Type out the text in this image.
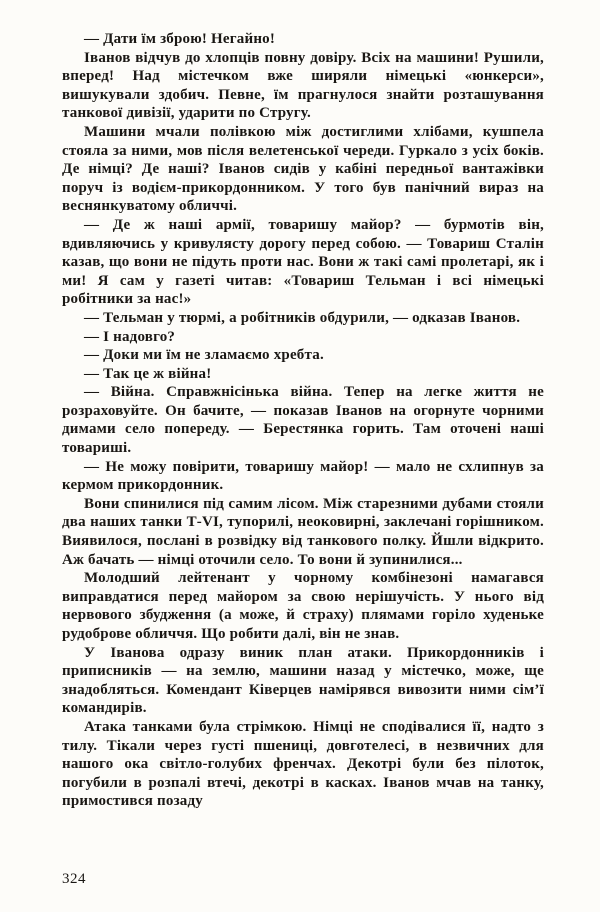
— Дати їм зброю! Негайно!

Іванов відчув до хлопців повну довіру. Всіх на машини! Рушили, вперед! Над містечком вже ширяли німецькі «юнкерси», вишукували здобич. Певне, їм прагнулося знайти розташування танкової дивізії, ударити по Стругу.

Машини мчали полівкою між достиглими хлібами, кушпела стояла за ними, мов після велетенської череди. Гуркало з усіх боків. Де німці? Де наші? Іванов сидів у кабіні передньої вантажівки поруч із водієм-прикордонником. У того був панічний вираз на веснянкуватому обличчі.

— Де ж наші армії, товаришу майор? — бурмотів він, вдивляючись у кривулясту дорогу перед собою. — Товариш Сталін казав, що вони не підуть проти нас. Вони ж такі самі пролетарі, як і ми! Я сам у газеті читав: «Товариш Тельман і всі німецькі робітники за нас!»

— Тельман у тюрмі, а робітників обдурили, — одказав Іванов.

— І надовго?

— Доки ми їм не зламаємо хребта.

— Так це ж війна!

— Війна. Справжнісінька війна. Тепер на легке життя не розраховуйте. Он бачите, — показав Іванов на огорнуте чорними димами село попереду. — Берестянка горить. Там оточені наші товариші.

— Не можу повірити, товаришу майор! — мало не схлипнув за кермом прикордонник.

Вони спинилися під самим лісом. Між старезними дубами стояли два наших танки Т-VI, тупорилі, неоковирні, заклечані горішником. Виявилося, послані в розвідку від танкового полку. Йшли відкрито. Аж бачать — німці оточили село. То вони й зупинилися...

Молодший лейтенант у чорному комбінезоні намагався виправдатися перед майором за свою нерішучість. У нього від нервового збудження (а може, й страху) плямами горіло худеньке рудоброве обличчя. Що робити далі, він не знав.

У Іванова одразу виник план атаки. Прикордонників і приписників — на землю, машини назад у містечко, може, ще знадобляться. Комендант Ківерцев намірявся вивозити ними сім’ї командирів.

Атака танками була стрімкою. Німці не сподівалися її, надто з тилу. Тікали через густі пшениці, довготелесі, в незвичних для нашого ока світло-голубих френчах. Декотрі були без пілоток, погубили в розпалі втечі, декотрі в касках. Іванов мчав на танку, примостився позаду

324
